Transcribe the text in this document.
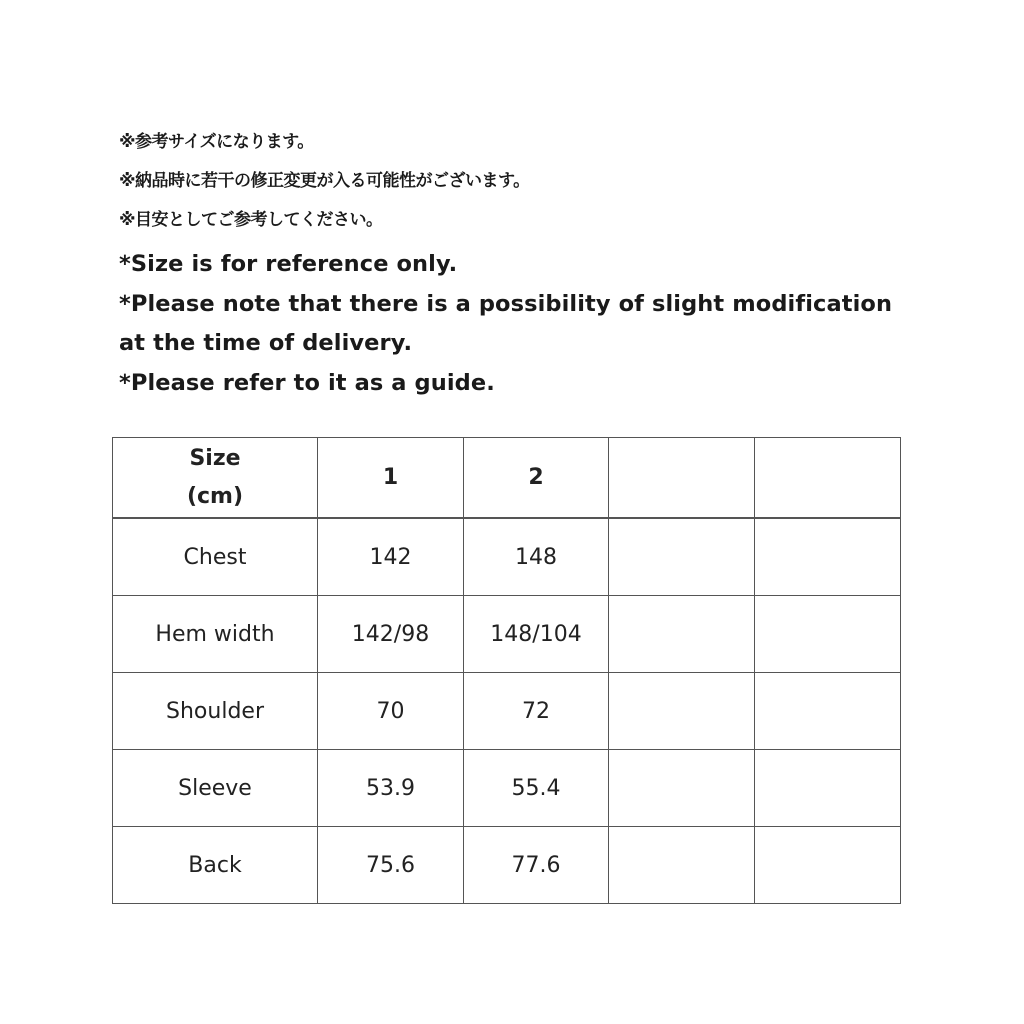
※参考サイズになります。
※納品時に若干の修正変更が入る可能性がございます。
※目安としてご参考してください。
*Size is for reference only.
*Please note that there is a possibility of slight modification
at the time of delivery.
*Please refer to it as a guide.
Size
(cm)	1	2		
Chest	142	148		
Hem width	142/98	148/104		
Shoulder	70	72		
Sleeve	53.9	55.4		
Back	75.6	77.6		
